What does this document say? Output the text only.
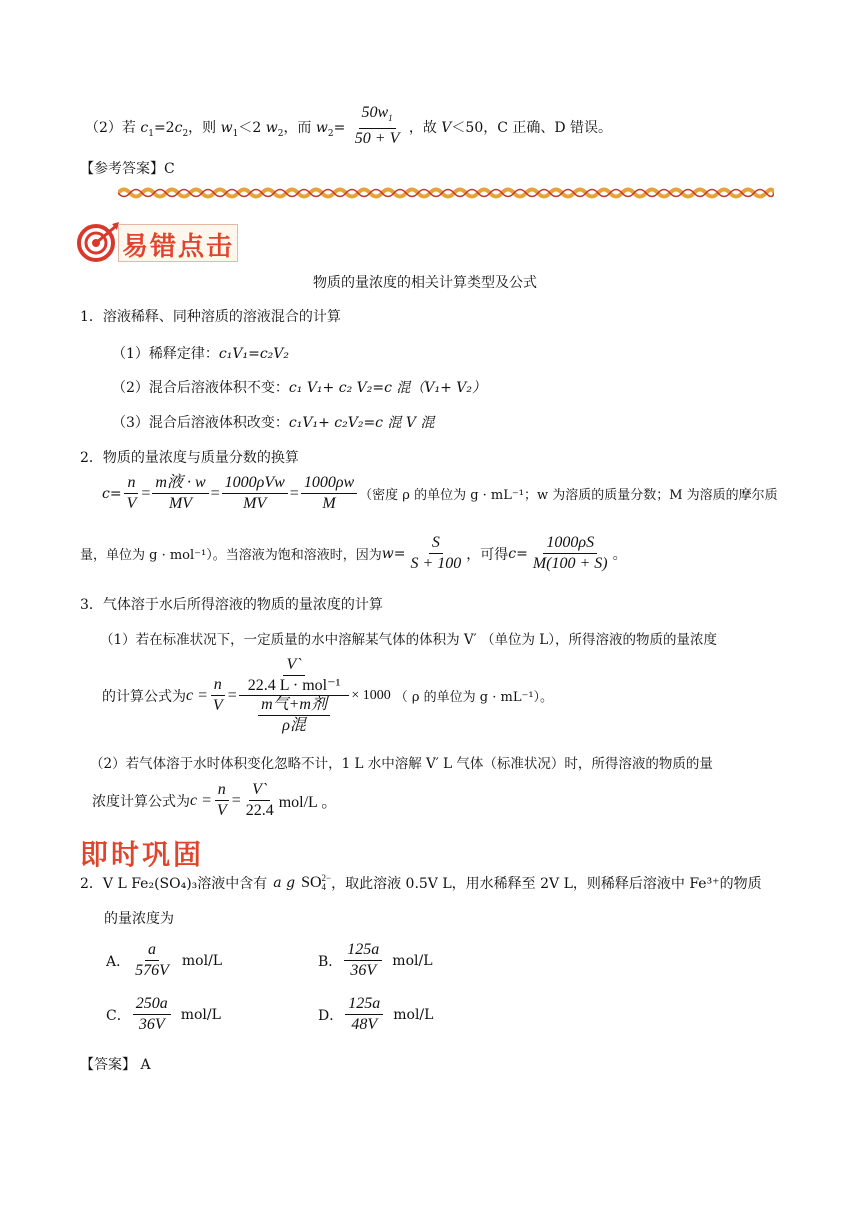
（2）若 $c_1=2c_2$，则 $w_1<2$ $w_2$，而 $w_2= \frac{50w_1}{50 + V}$ ，故 V＜50，C 正确、D 错误。
【参考答案】C
易错点击
物质的量浓度的相关计算类型及公式
1．溶液稀释、同种溶质的溶液混合的计算
（1）稀释定律：c₁V₁=c₂V₂
（2）混合后溶液体积不变：c₁ V₁+ c₂ V₂=c 混（V₁+ V₂）
（3）混合后溶液体积改变：c₁V₁+ c₂V₂=c 混 V 混
2．物质的量浓度与质量分数的换算
$c= \frac{n}{V} = \frac{\text{m液 · w}}{MV} = \frac{\text{1000ρVw}}{MV} = \frac{1000\rho w}{M}$ （密度 ρ 的单位为 g · mL⁻¹；w 为溶质的质量分数；M 为溶质的摩尔质
量，单位为 g · mol⁻¹）。当溶液为饱和溶液时，因为 $w= \frac{S}{S + 100}$ ，可得 $c= \frac{1000\rho S}{M(100 + S)}$ 。
3．气体溶于水后所得溶液的物质的量浓度的计算
（1）若在标准状况下，一定质量的水中溶解某气体的体积为 V′ （单位为 L），所得溶液的物质的量浓度
的计算公式为 $c = \frac{n}{V} = \frac{\frac{V`}{\text{22.4 L · mol⁻¹}}}{\frac{\text{m气+m剂}}{\text{ρ混}}} \times 1000$ （ ρ 的单位为 g · mL⁻¹）。
（2）若气体溶于水时体积变化忽略不计，1 L 水中溶解 V′ L 气体（标准状况）时，所得溶液的物质的量
浓度计算公式为 $c = \frac{n}{V} = \frac{V`}{22.4} mol/L$ 。
即时巩固
2． V L Fe₂(SO₄)₃溶液中含有 a g SO 2−
4 ，取此溶液 0.5V L，用水稀释至 2V L，则稀释后溶液中 Fe³⁺的物质
的量浓度为
A． $\frac{a}{576V} mol/L$	B． $\frac{125a}{36V} mol/L$
C． $\frac{250a}{36V} mol/L$	D． $\frac{125a}{48V} mol/L$
【答案】 A
